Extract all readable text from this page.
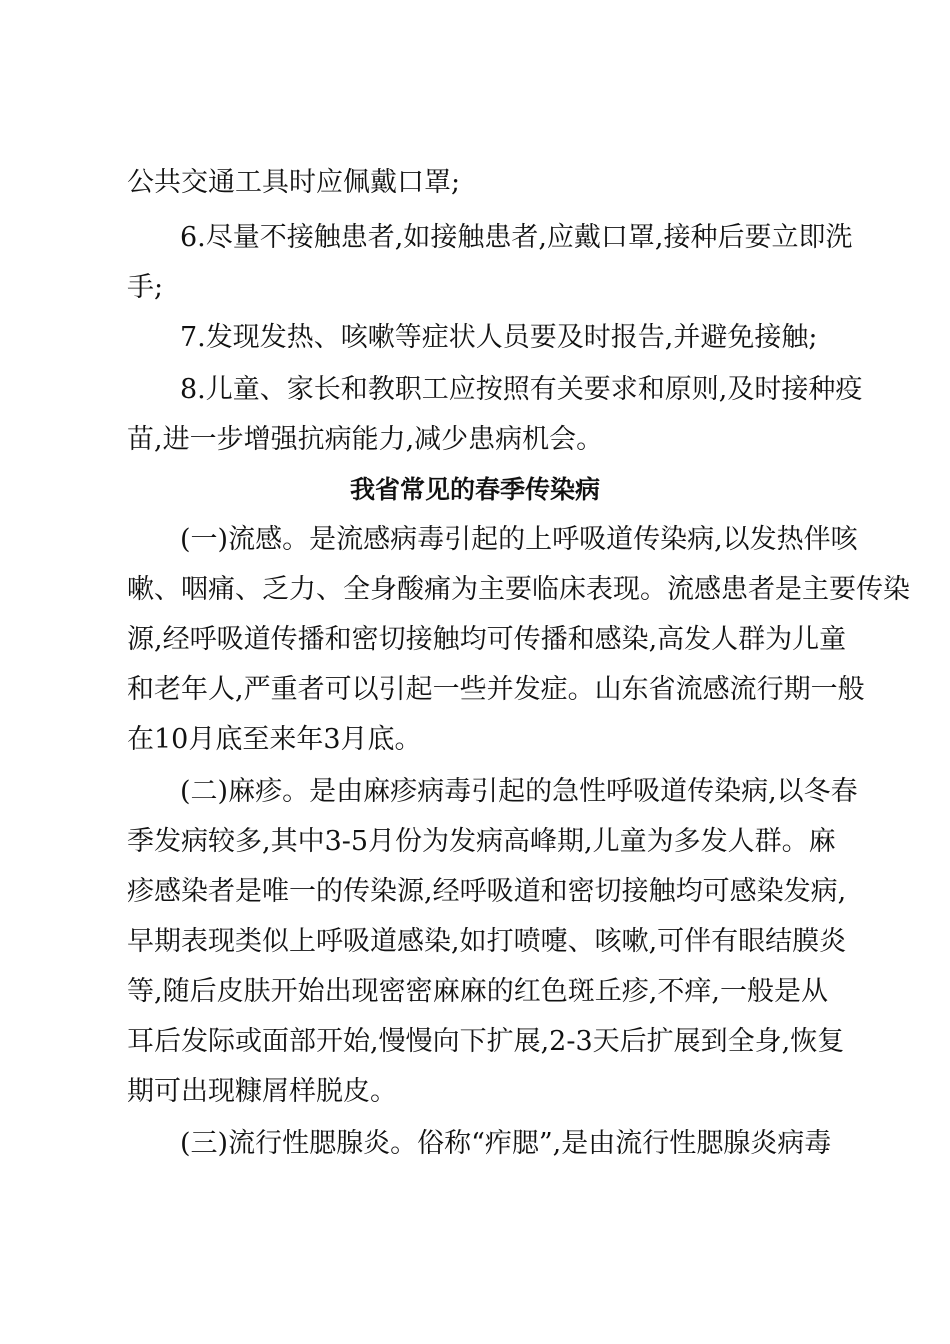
公共交通工具时应佩戴口罩;
6.尽量不接触患者,如接触患者,应戴口罩,接种后要立即洗
手;
7.发现发热、咳嗽等症状人员要及时报告,并避免接触;
8.儿童、家长和教职工应按照有关要求和原则,及时接种疫
苗,进一步增强抗病能力,减少患病机会。
我省常见的春季传染病
(一)流感。是流感病毒引起的上呼吸道传染病,以发热伴咳
嗽、咽痛、乏力、全身酸痛为主要临床表现。流感患者是主要传染
源,经呼吸道传播和密切接触均可传播和感染,高发人群为儿童
和老年人,严重者可以引起一些并发症。山东省流感流行期一般
在10月底至来年3月底。
(二)麻疹。是由麻疹病毒引起的急性呼吸道传染病,以冬春
季发病较多,其中3-5月份为发病高峰期,儿童为多发人群。麻
疹感染者是唯一的传染源,经呼吸道和密切接触均可感染发病,
早期表现类似上呼吸道感染,如打喷嚏、咳嗽,可伴有眼结膜炎
等,随后皮肤开始出现密密麻麻的红色斑丘疹,不痒,一般是从
耳后发际或面部开始,慢慢向下扩展,2-3天后扩展到全身,恢复
期可出现糠屑样脱皮。
(三)流行性腮腺炎。俗称“痄腮”,是由流行性腮腺炎病毒
